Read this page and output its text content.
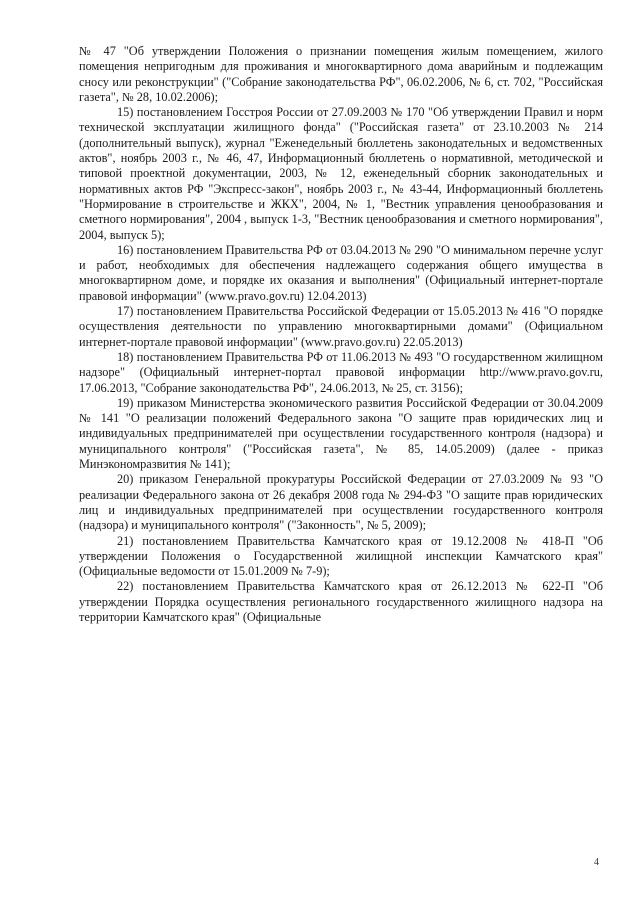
№ 47 "Об утверждении Положения о признании помещения жилым помещением, жилого помещения непригодным для проживания и многоквартирного дома аварийным и подлежащим сносу или реконструкции" ("Собрание законодательства РФ", 06.02.2006, № 6, ст. 702, "Российская газета", № 28, 10.02.2006);

15) постановлением Госстроя России от 27.09.2003 № 170 "Об утверждении Правил и норм технической эксплуатации жилищного фонда" ("Российская газета" от 23.10.2003 № 214 (дополнительный выпуск), журнал "Еженедельный бюллетень законодательных и ведомственных актов", ноябрь 2003 г., № 46, 47, Информационный бюллетень о нормативной, методической и типовой проектной документации, 2003, № 12, еженедельный сборник законодательных и нормативных актов РФ "Экспресс-закон", ноябрь 2003 г., № 43-44, Информационный бюллетень "Нормирование в строительстве и ЖКХ", 2004, № 1, "Вестник управления ценообразования и сметного нормирования", 2004 , выпуск 1-3, "Вестник ценообразования и сметного нормирования", 2004, выпуск 5);

16) постановлением Правительства РФ от 03.04.2013 № 290 "О минимальном перечне услуг и работ, необходимых для обеспечения надлежащего содержания общего имущества в многоквартирном доме, и порядке их оказания и выполнения" (Официальный интернет-портале правовой информации" (www.pravo.gov.ru) 12.04.2013)

17) постановлением Правительства Российской Федерации от 15.05.2013 № 416 "О порядке осуществления деятельности по управлению многоквартирными домами" (Официальном интернет-портале правовой информации" (www.pravo.gov.ru) 22.05.2013)

18) постановлением Правительства РФ от 11.06.2013 № 493 "О государственном жилищном надзоре" (Официальный интернет-портал правовой информации http://www.pravo.gov.ru, 17.06.2013, "Собрание законодательства РФ", 24.06.2013, № 25, ст. 3156);

19) приказом Министерства экономического развития Российской Федерации от 30.04.2009 № 141 "О реализации положений Федерального закона "О защите прав юридических лиц и индивидуальных предпринимателей при осуществлении государственного контроля (надзора) и муниципального контроля" ("Российская газета", № 85, 14.05.2009) (далее - приказ Минэкономразвития № 141);

20) приказом Генеральной прокуратуры Российской Федерации от 27.03.2009 № 93 "О реализации Федерального закона от 26 декабря 2008 года № 294-ФЗ "О защите прав юридических лиц и индивидуальных предпринимателей при осуществлении государственного контроля (надзора) и муниципального контроля" ("Законность", № 5, 2009);

21) постановлением Правительства Камчатского края от 19.12.2008 № 418-П "Об утверждении Положения о Государственной жилищной инспекции Камчатского края" (Официальные ведомости от 15.01.2009 № 7-9);

22) постановлением Правительства Камчатского края от 26.12.2013 № 622-П "Об утверждении Порядка осуществления регионального государственного жилищного надзора на территории Камчатского края" (Официальные

4
